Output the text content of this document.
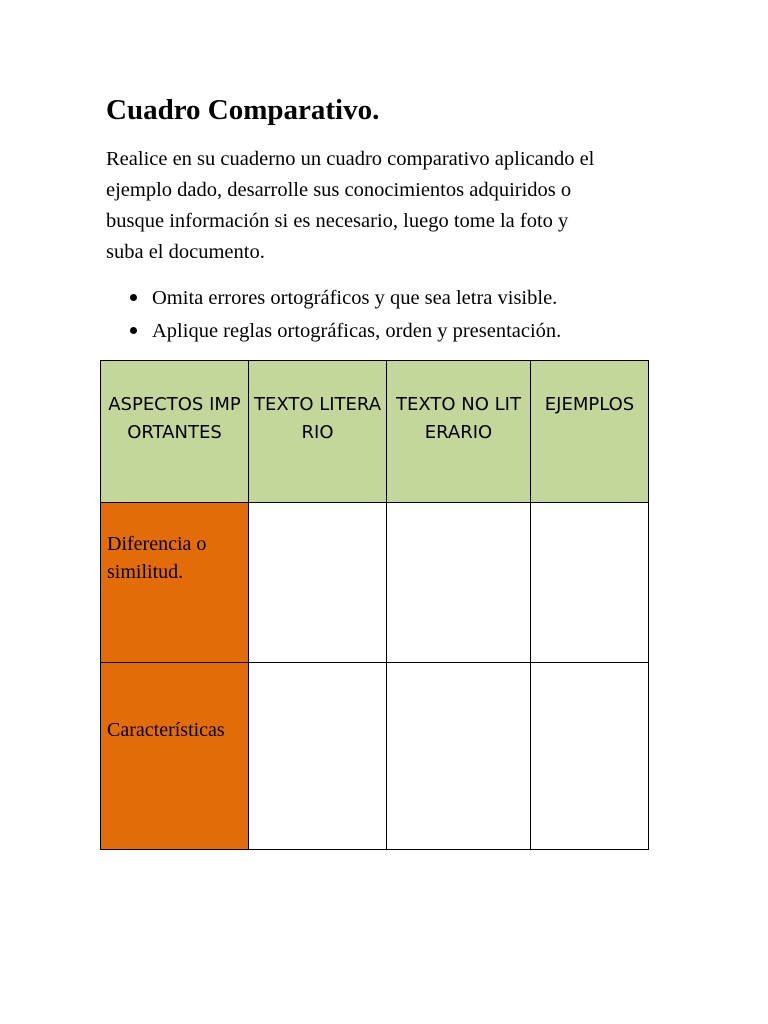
Cuadro Comparativo.

Realice en su cuaderno un cuadro comparativo aplicando el
ejemplo dado, desarrolle sus conocimientos adquiridos o
busque información si es necesario, luego tome la foto y
suba el documento.

Omita errores ortográficos y que sea letra visible.
Aplique reglas ortográficas, orden y presentación.
ASPECTOS IMPORTANTES	TEXTO LITERARIO	TEXTO NO LITERARIO	EJEMPLOS

Diferencia o similitud.			

Características			
